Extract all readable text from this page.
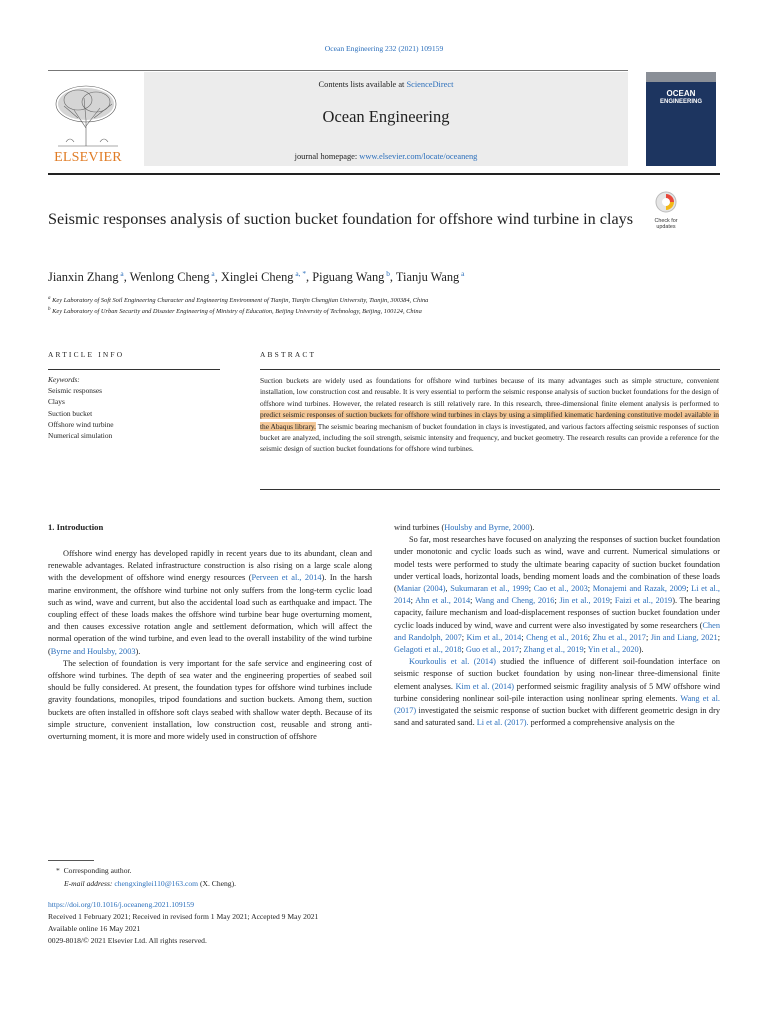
Ocean Engineering 232 (2021) 109159
ELSEVIER
Contents lists available at ScienceDirect
Ocean Engineering
journal homepage: www.elsevier.com/locate/oceaneng
OCEAN
ENGINEERING
Seismic responses analysis of suction bucket foundation for offshore wind turbine in clays	Check for
updates
Jianxin Zhang $^a$, Wenlong Cheng $^a$, Xinglei Cheng $^{a, *}$, Piguang Wang $^b$, Tianju Wang $^a$
$^a$ Key Laboratory of Soft Soil Engineering Character and Engineering Environment of Tianjin, Tianjin Chengjian University, Tianjin, 300384, China
$^b$ Key Laboratory of Urban Security and Disaster Engineering of Ministry of Education, Beijing University of Technology, Beijing, 100124, China
ARTICLE INFO
Keywords:
Seismic responses
Clays
Suction bucket
Offshore wind turbine
Numerical simulation
ABSTRACT
Suction buckets are widely used as foundations for offshore wind turbines because of its many advantages such as simple structure, convenient installation, low construction cost and reusable. It is very essential to perform the seismic response analysis of suction bucket foundations for the design of offshore wind turbines. However, the related research is still relatively rare. In this research, three-dimensional finite element analysis is performed to predict seismic responses of suction buckets for offshore wind turbines in clays by using a simplified kinematic hardening constitutive model available in the Abaqus library. The seismic bearing mechanism of bucket foundation in clays is investigated, and various factors affecting seismic responses of suction bucket are analyzed, including the soil strength, seismic intensity and frequency, and bucket geometry. The research results can provide a reference for the seismic design of suction bucket foundations for offshore wind turbines.
1. Introduction

Offshore wind energy has developed rapidly in recent years due to its abundant, clean and renewable advantages. Related infrastructure construction is also rising on a large scale along with the development of offshore wind energy resources (Perveen et al., 2014). In the harsh marine environment, the offshore wind turbine not only suffers from the long-term cyclic load such as wind, wave and current, but also the accidental load such as earthquake and impact. The coupling effect of these loads makes the offshore wind turbine bear huge overturning moment, and then causes excessive rotation angle and settlement deformation, which will affect the normal operation of the wind turbine, and even lead to the overall instability of the wind turbine (Byrne and Houlsby, 2003).

The selection of foundation is very important for the safe service and engineering cost of offshore wind turbines. The depth of sea water and the engineering properties of seabed soil should be fully considered. At present, the foundation types for offshore wind turbines include gravity foundations, monopiles, tripod foundations and suction buckets. Among them, suction buckets are often installed in offshore soft clays seabed with shallow water depth. Because of its simple structure, convenient installation, low construction cost, reusable and strong anti-overturning moment, it is more and more widely used in construction of offshore

wind turbines (Houlsby and Byrne, 2000).

So far, most researches have focused on analyzing the responses of suction bucket foundation under monotonic and cyclic loads such as wind, wave and current. Numerical simulations or model tests were performed to study the ultimate bearing capacity of suction bucket foundation under vertical loads, horizontal loads, bending moment loads and the combination of these loads (Maniar (2004), Sukumaran et al., 1999; Cao et al., 2003; Monajemi and Razak, 2009; Li et al., 2014; Ahn et al., 2014; Wang and Cheng, 2016; Jin et al., 2019; Faizi et al., 2019). The bearing capacity, failure mechanism and load-displacement responses of suction bucket foundation under cyclic loads induced by wind, wave and current were also investigated by some researchers (Chen and Randolph, 2007; Kim et al., 2014; Cheng et al., 2016; Zhu et al., 2017; Jin and Liang, 2021; Gelagoti et al., 2018; Guo et al., 2017; Zhang et al., 2019; Yin et al., 2020).

Kourkoulis et al. (2014) studied the influence of different soil-foundation interface on seismic response of suction bucket foundation by using non-linear three-dimensional finite element analyses. Kim et al. (2014) performed seismic fragility analysis of 5 MW offshore wind turbine considering nonlinear soil-pile interaction using nonlinear spring elements. Wang et al. (2017) investigated the seismic response of suction bucket with different geometric design in dry sand and saturated sand. Li et al. (2017). performed a comprehensive analysis on the

*  Corresponding author.
E-mail address: chengxinglei110@163.com (X. Cheng).
https://doi.org/10.1016/j.oceaneng.2021.109159
Received 1 February 2021; Received in revised form 1 May 2021; Accepted 9 May 2021
Available online 16 May 2021
0029-8018/© 2021 Elsevier Ltd. All rights reserved.
